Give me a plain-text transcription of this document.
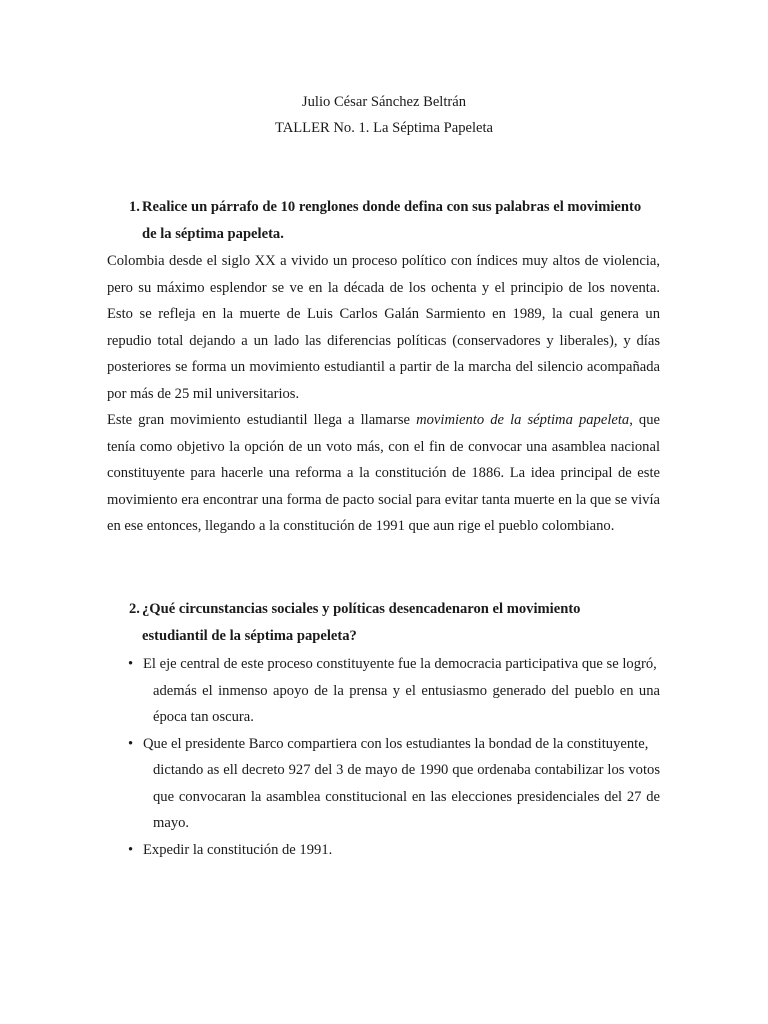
Julio César Sánchez Beltrán
TALLER No. 1. La Séptima Papeleta
1. Realice un párrafo de 10 renglones donde defina con sus palabras el movimiento
de la séptima papeleta.

Colombia desde el siglo XX a vivido un proceso político con índices muy altos de violencia, pero su máximo esplendor se ve en la década de los ochenta y el principio de los noventa. Esto se refleja en la muerte de Luis Carlos Galán Sarmiento en 1989, la cual genera un repudio total dejando a un lado las diferencias políticas (conservadores y liberales), y días posteriores se forma un movimiento estudiantil a partir de la marcha del silencio acompañada por más de 25 mil universitarios.

Este gran movimiento estudiantil llega a llamarse movimiento de la séptima papeleta, que tenía como objetivo la opción de un voto más, con el fin de convocar una asamblea nacional constituyente para hacerle una reforma a la constitución de 1886. La idea principal de este movimiento era encontrar una forma de pacto social para evitar tanta muerte en la que se vivía en ese entonces, llegando a la constitución de 1991 que aun rige el pueblo colombiano.

2. ¿Qué circunstancias sociales y políticas desencadenaron el movimiento
estudiantil de la séptima papeleta?
• El eje central de este proceso constituyente fue la democracia participativa que se logró,
además el inmenso apoyo de la prensa y el entusiasmo generado del pueblo en una época tan oscura.
• Que el presidente Barco compartiera con los estudiantes la bondad de la constituyente,
dictando as ell decreto 927 del 3 de mayo de 1990 que ordenaba contabilizar los votos que convocaran la asamblea constitucional en las elecciones presidenciales del 27 de mayo.
• Expedir la constitución de 1991.
